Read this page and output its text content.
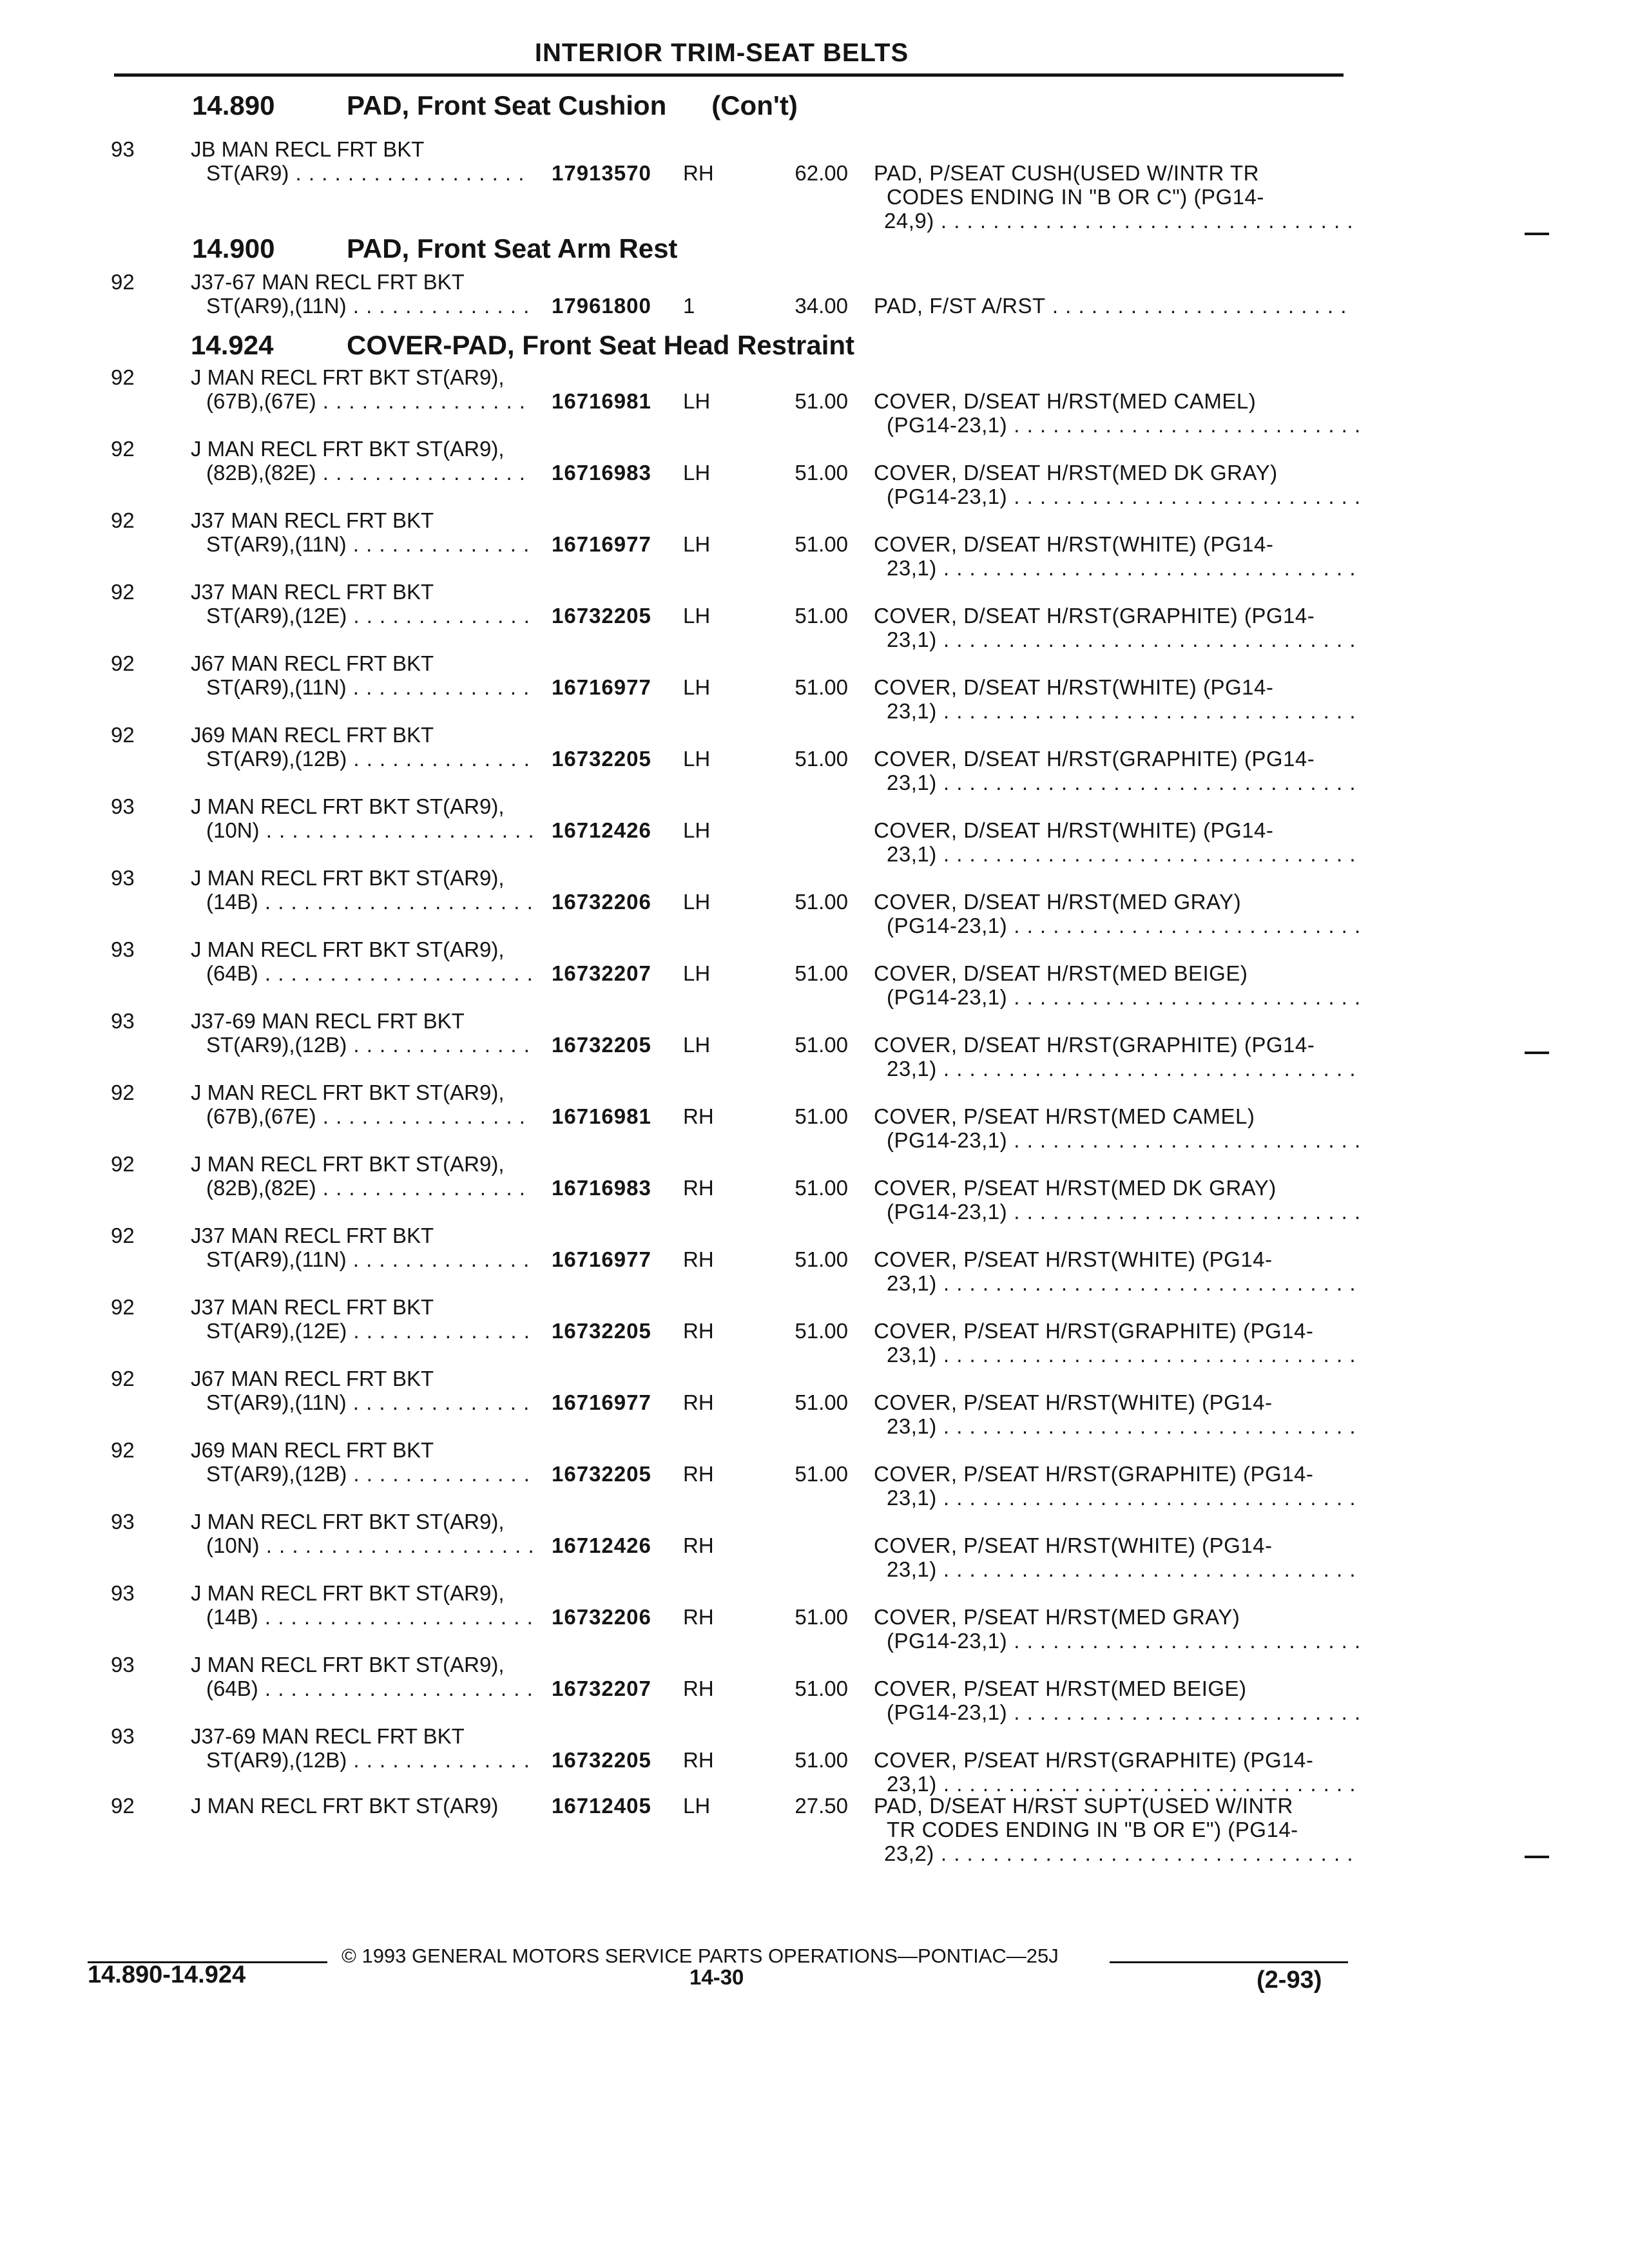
INTERIOR TRIM-SEAT BELTS
14.890	PAD, Front Seat Cushion (Con't)
14.900	PAD, Front Seat Arm Rest
14.924	COVER-PAD, Front Seat Head Restraint
93	JB MAN RECL FRT BKT
ST(AR9) . . .	17913570 RH	62.00 PAD, P/SEAT CUSH(USED W/INTR TR
CODES ENDING IN "B OR C") (PG14-
24,9) . . .
92	J37-67 MAN RECL FRT BKT
ST(AR9),(11N) . . .	17961800 1	34.00 PAD, F/ST A/RST . . .
92	J MAN RECL FRT BKT ST(AR9),
(67B),(67E) . . .	16716981 LH	51.00 COVER, D/SEAT H/RST(MED CAMEL)
(PG14-23,1) . . .
92	J MAN RECL FRT BKT ST(AR9),
(82B),(82E) . . .	16716983 LH	51.00 COVER, D/SEAT H/RST(MED DK GRAY)
(PG14-23,1) . . .
92	J37 MAN RECL FRT BKT
ST(AR9),(11N) . . .	16716977 LH	51.00 COVER, D/SEAT H/RST(WHITE) (PG14-
23,1) . . .
92	J37 MAN RECL FRT BKT
ST(AR9),(12E) . . .	16732205 LH	51.00 COVER, D/SEAT H/RST(GRAPHITE) (PG14-
23,1) . . .
92	J67 MAN RECL FRT BKT
ST(AR9),(11N) . . .	16716977 LH	51.00 COVER, D/SEAT H/RST(WHITE) (PG14-
23,1) . . .
92	J69 MAN RECL FRT BKT
ST(AR9),(12B) . . .	16732205 LH	51.00 COVER, D/SEAT H/RST(GRAPHITE) (PG14-
23,1) . . .
93	J MAN RECL FRT BKT ST(AR9),
(10N) . . .	16712426 LH	COVER, D/SEAT H/RST(WHITE) (PG14-
23,1) . . .
93	J MAN RECL FRT BKT ST(AR9),
(14B) . . .	16732206 LH	51.00 COVER, D/SEAT H/RST(MED GRAY)
(PG14-23,1) . . .
93	J MAN RECL FRT BKT ST(AR9),
(64B) . . .	16732207 LH	51.00 COVER, D/SEAT H/RST(MED BEIGE)
(PG14-23,1) . . .
93	J37-69 MAN RECL FRT BKT
ST(AR9),(12B) . . .	16732205 LH	51.00 COVER, D/SEAT H/RST(GRAPHITE) (PG14-
23,1) . . .
92	J MAN RECL FRT BKT ST(AR9),
(67B),(67E) . . .	16716981 RH	51.00 COVER, P/SEAT H/RST(MED CAMEL)
(PG14-23,1) . . .
92	J MAN RECL FRT BKT ST(AR9),
(82B),(82E) . . .	16716983 RH	51.00 COVER, P/SEAT H/RST(MED DK GRAY)
(PG14-23,1) . . .
92	J37 MAN RECL FRT BKT
ST(AR9),(11N) . . .	16716977 RH	51.00 COVER, P/SEAT H/RST(WHITE) (PG14-
23,1) . . .
92	J37 MAN RECL FRT BKT
ST(AR9),(12E) . . .	16732205 RH	51.00 COVER, P/SEAT H/RST(GRAPHITE) (PG14-
23,1) . . .
92	J67 MAN RECL FRT BKT
ST(AR9),(11N) . . .	16716977 RH	51.00 COVER, P/SEAT H/RST(WHITE) (PG14-
23,1) . . .
92	J69 MAN RECL FRT BKT
ST(AR9),(12B) . . .	16732205 RH	51.00 COVER, P/SEAT H/RST(GRAPHITE) (PG14-
23,1) . . .
93	J MAN RECL FRT BKT ST(AR9),
(10N) . . .	16712426 RH	COVER, P/SEAT H/RST(WHITE) (PG14-
23,1) . . .
93	J MAN RECL FRT BKT ST(AR9),
(14B) . . .	16732206 RH	51.00 COVER, P/SEAT H/RST(MED GRAY)
(PG14-23,1) . . .
93	J MAN RECL FRT BKT ST(AR9),
(64B) . . .	16732207 RH	51.00 COVER, P/SEAT H/RST(MED BEIGE)
(PG14-23,1) . . .
93	J37-69 MAN RECL FRT BKT
ST(AR9),(12B) . . .	16732205 RH	51.00 COVER, P/SEAT H/RST(GRAPHITE) (PG14-
23,1) . . .
92	J MAN RECL FRT BKT ST(AR9)	16712405 LH	27.50 PAD, D/SEAT H/RST SUPT(USED W/INTR
TR CODES ENDING IN "B OR E") (PG14-
23,2) . . .
© 1993 GENERAL MOTORS SERVICE PARTS OPERATIONS—PONTIAC—25J
14.890-14.924	14-30	(2-93)
